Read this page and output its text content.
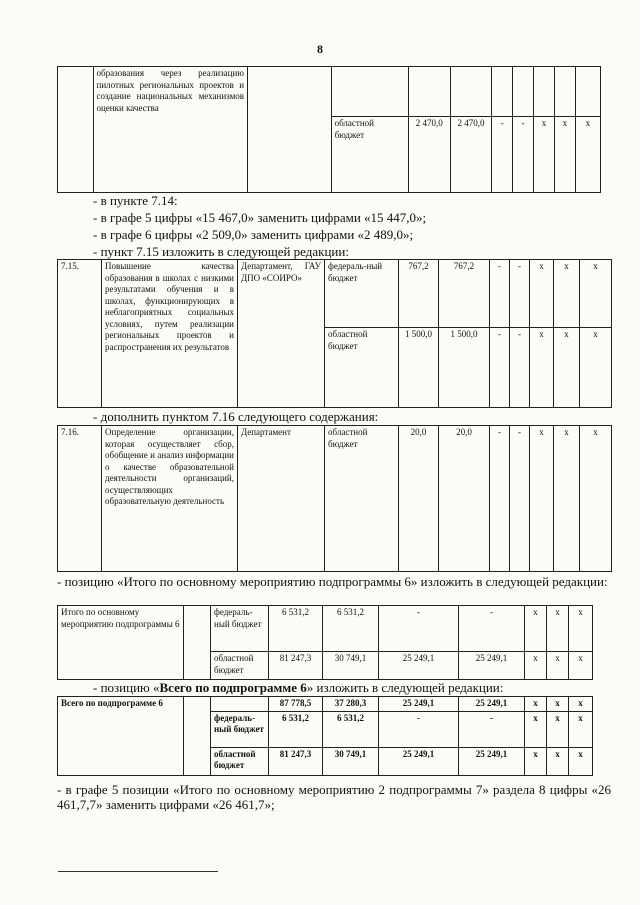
8
	образования через реализацию пилотных региональных проектов и создание национальных механизмов оценки качества									
			областной бюджет	2 470,0	2 470,0	-	-	x	x	x
- в пункте 7.14:
- в графе 5 цифры «15 467,0» заменить цифрами «15 447,0»;
- в графе 6 цифры «2 509,0» заменить цифрами «2 489,0»;
- пункт 7.15 изложить в следующей редакции:
7.15.	Повышение качества образования в школах с низкими результатами обучения и в школах, функционирующих в неблагоприятных социальных условиях, путем реализации региональных проектов и распространения их результатов	Департамент, ГАУ ДПО «СОИРО»	федераль-ный бюджет	767,2	767,2	-	-	x	x	x
			областной бюджет	1 500,0	1 500,0	-	-	x	x	x
- дополнить пунктом 7.16 следующего содержания:
7.16.	Определение организации, которая осуществляет сбор, обобщение и анализ информации о качестве образовательной деятельности организаций, осуществляющих образовательную деятельность	Департамент	областной бюджет	20,0	20,0	-	-	x	x	x
- позицию «Итого по основному мероприятию подпрограммы 6» изложить в следующей редакции:
Итого по основному мероприятию подпрограммы 6		федераль-ный бюджет	6 531,2	6 531,2	-	-	x	x	x
		областной бюджет	81 247,3	30 749,1	25 249,1	25 249,1	x	x	x
- позицию «Всего по подпрограмме 6» изложить в следующей редакции:
Всего по подпрограмме 6			87 778,5	37 280,3	25 249,1	25 249,1	x	x	x
		федераль-ный бюджет	6 531,2	6 531,2	-	-	x	x	x
		областной бюджет	81 247,3	30 749,1	25 249,1	25 249,1	x	x	x
- в графе 5 позиции «Итого по основному мероприятию 2 подпрограммы 7» раздела 8 цифры «26 461,7,7» заменить цифрами «26 461,7»;
